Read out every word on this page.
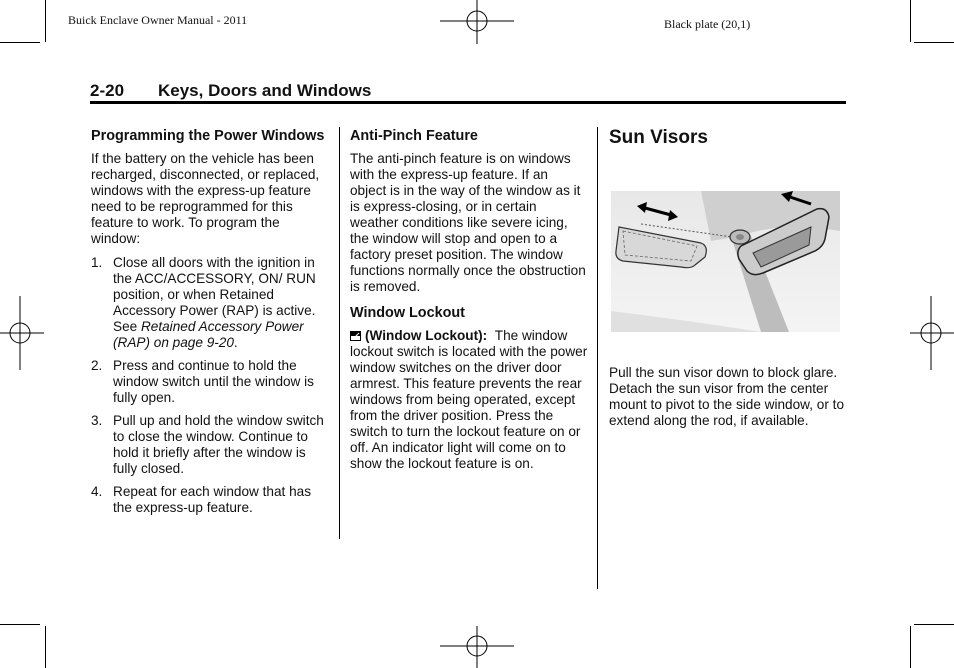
Buick Enclave Owner Manual - 2011	Black plate (20,1)
2-20 Keys, Doors and Windows
Programming the Power Windows

If the battery on the vehicle has been recharged, disconnected, or replaced, windows with the express-up feature need to be reprogrammed for this feature to work. To program the window:

1. Close all doors with the ignition in the ACC/ACCESSORY, ON/ RUN position, or when Retained Accessory Power (RAP) is active. See Retained Accessory Power (RAP) on page 9-20.
2. Press and continue to hold the window switch until the window is fully open.
3. Pull up and hold the window switch to close the window. Continue to hold it briefly after the window is fully closed.
4. Repeat for each window that has the express-up feature.
Anti-Pinch Feature

The anti-pinch feature is on windows with the express-up feature. If an object is in the way of the window as it is express-closing, or in certain weather conditions like severe icing, the window will stop and open to a factory preset position. The window functions normally once the obstruction is removed.

Window Lockout

(Window Lockout): The window lockout switch is located with the power window switches on the driver door armrest. This feature prevents the rear windows from being operated, except from the driver position. Press the switch to turn the lockout feature on or off. An indicator light will come on to show the lockout feature is on.

Sun Visors

Pull the sun visor down to block glare. Detach the sun visor from the center mount to pivot to the side window, or to extend along the rod, if available.
